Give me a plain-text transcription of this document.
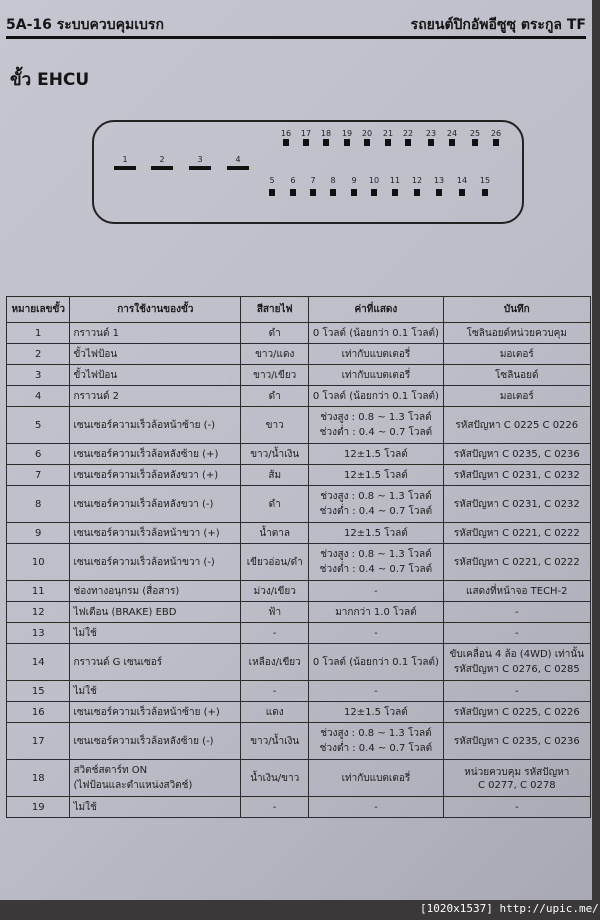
5A-16 ระบบควบคุมเบรก	รถยนต์ปิกอัพอีซูซุ ตระกูล TF
ขั้ว EHCU
หมายเลขขั้ว	การใช้งานของขั้ว	สีสายไฟ	ค่าที่แสดง	บันทึก
1	กราวนด์ 1	ดำ	0 โวลต์ (น้อยกว่า 0.1 โวลต์)	โซลินอยด์หน่วยควบคุม
2	ขั้วไฟป้อน	ขาว/แดง	เท่ากับแบตเตอรี่	มอเตอร์
3	ขั้วไฟป้อน	ขาว/เขียว	เท่ากับแบตเตอรี่	โซลินอยด์
4	กราวนด์ 2	ดำ	0 โวลต์ (น้อยกว่า 0.1 โวลต์)	มอเตอร์
5	เซนเซอร์ความเร็วล้อหน้าซ้าย (-)	ขาว	ช่วงสูง : 0.8 ~ 1.3 โวลต์
ช่วงต่ำ : 0.4 ~ 0.7 โวลต์	รหัสปัญหา C 0225 C 0226
6	เซนเซอร์ความเร็วล้อหลังซ้าย (+)	ขาว/น้ำเงิน	12±1.5 โวลต์	รหัสปัญหา C 0235, C 0236
7	เซนเซอร์ความเร็วล้อหลังขวา (+)	ส้ม	12±1.5 โวลต์	รหัสปัญหา C 0231, C 0232
8	เซนเซอร์ความเร็วล้อหลังขวา (-)	ดำ	ช่วงสูง : 0.8 ~ 1.3 โวลต์
ช่วงต่ำ : 0.4 ~ 0.7 โวลต์	รหัสปัญหา C 0231, C 0232
9	เซนเซอร์ความเร็วล้อหน้าขวา (+)	น้ำตาล	12±1.5 โวลต์	รหัสปัญหา C 0221, C 0222
10	เซนเซอร์ความเร็วล้อหน้าขวา (-)	เขียวอ่อน/ดำ	ช่วงสูง : 0.8 ~ 1.3 โวลต์
ช่วงต่ำ : 0.4 ~ 0.7 โวลต์	รหัสปัญหา C 0221, C 0222
11	ช่องทางอนุกรม (สื่อสาร)	ม่วง/เขียว	-	แสดงที่หน้าจอ TECH-2
12	ไฟเตือน (BRAKE) EBD	ฟ้า	มากกว่า 1.0 โวลต์	-
13	ไม่ใช้	-	-	-
14	กราวนด์ G เซนเซอร์	เหลือง/เขียว	0 โวลต์ (น้อยกว่า 0.1 โวลต์)	ขับเคลื่อน 4 ล้อ (4WD) เท่านั้น
รหัสปัญหา C 0276, C 0285
15	ไม่ใช้	-	-	-
16	เซนเซอร์ความเร็วล้อหน้าซ้าย (+)	แดง	12±1.5 โวลต์	รหัสปัญหา C 0225, C 0226
17	เซนเซอร์ความเร็วล้อหลังซ้าย (-)	ขาว/น้ำเงิน	ช่วงสูง : 0.8 ~ 1.3 โวลต์
ช่วงต่ำ : 0.4 ~ 0.7 โวลต์	รหัสปัญหา C 0235, C 0236
18	สวิตช์สตาร์ท ON
(ไฟป้อนและตำแหน่งสวิตช์)	น้ำเงิน/ขาว	เท่ากับแบตเตอรี่	หน่วยควบคุม รหัสปัญหา
C 0277, C 0278
19	ไม่ใช้	-	-	-
1	2	3	4
16	17	18	19	20	21	22	23	24	25	26
5	6	7	8	9	10	11	12	13	14	15
[1020x1537] http://upic.me/
